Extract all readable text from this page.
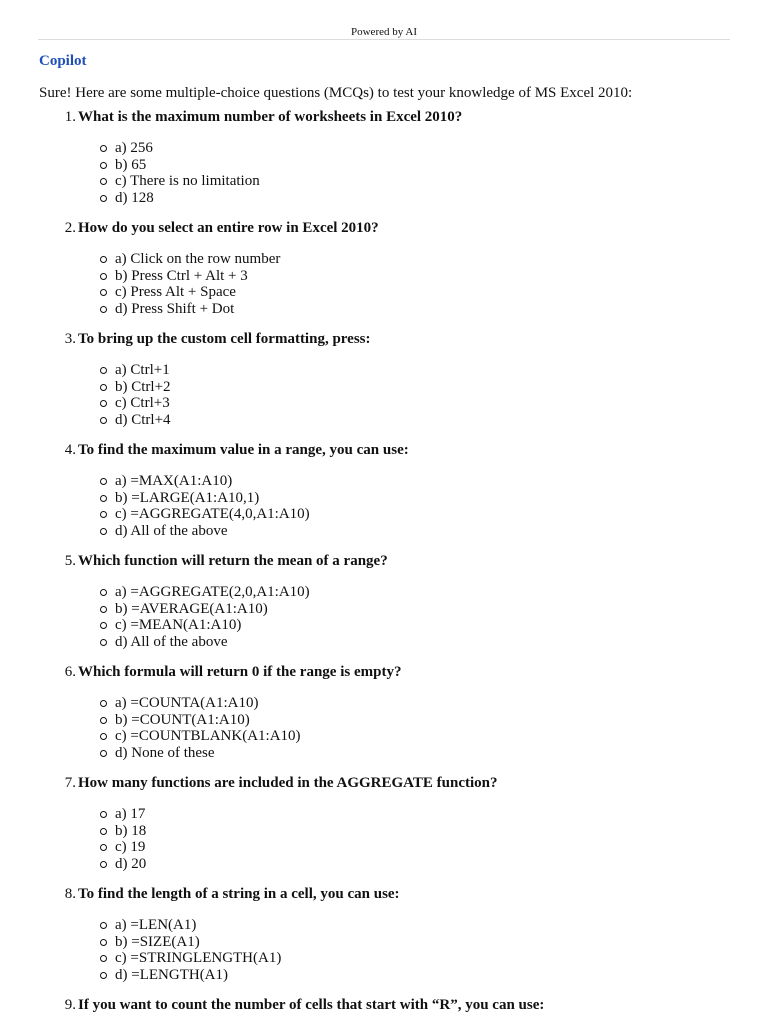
Powered by AI
Copilot
Sure! Here are some multiple-choice questions (MCQs) to test your knowledge of MS Excel 2010:
1. What is the maximum number of worksheets in Excel 2010?
a) 256
b) 65
c) There is no limitation
d) 128
2. How do you select an entire row in Excel 2010?
a) Click on the row number
b) Press Ctrl + Alt + 3
c) Press Alt + Space
d) Press Shift + Dot
3. To bring up the custom cell formatting, press:
a) Ctrl+1
b) Ctrl+2
c) Ctrl+3
d) Ctrl+4
4. To find the maximum value in a range, you can use:
a) =MAX(A1:A10)
b) =LARGE(A1:A10,1)
c) =AGGREGATE(4,0,A1:A10)
d) All of the above
5. Which function will return the mean of a range?
a) =AGGREGATE(2,0,A1:A10)
b) =AVERAGE(A1:A10)
c) =MEAN(A1:A10)
d) All of the above
6. Which formula will return 0 if the range is empty?
a) =COUNTA(A1:A10)
b) =COUNT(A1:A10)
c) =COUNTBLANK(A1:A10)
d) None of these
7. How many functions are included in the AGGREGATE function?
a) 17
b) 18
c) 19
d) 20
8. To find the length of a string in a cell, you can use:
a) =LEN(A1)
b) =SIZE(A1)
c) =STRINGLENGTH(A1)
d) =LENGTH(A1)
9. If you want to count the number of cells that start with “R”, you can use:
